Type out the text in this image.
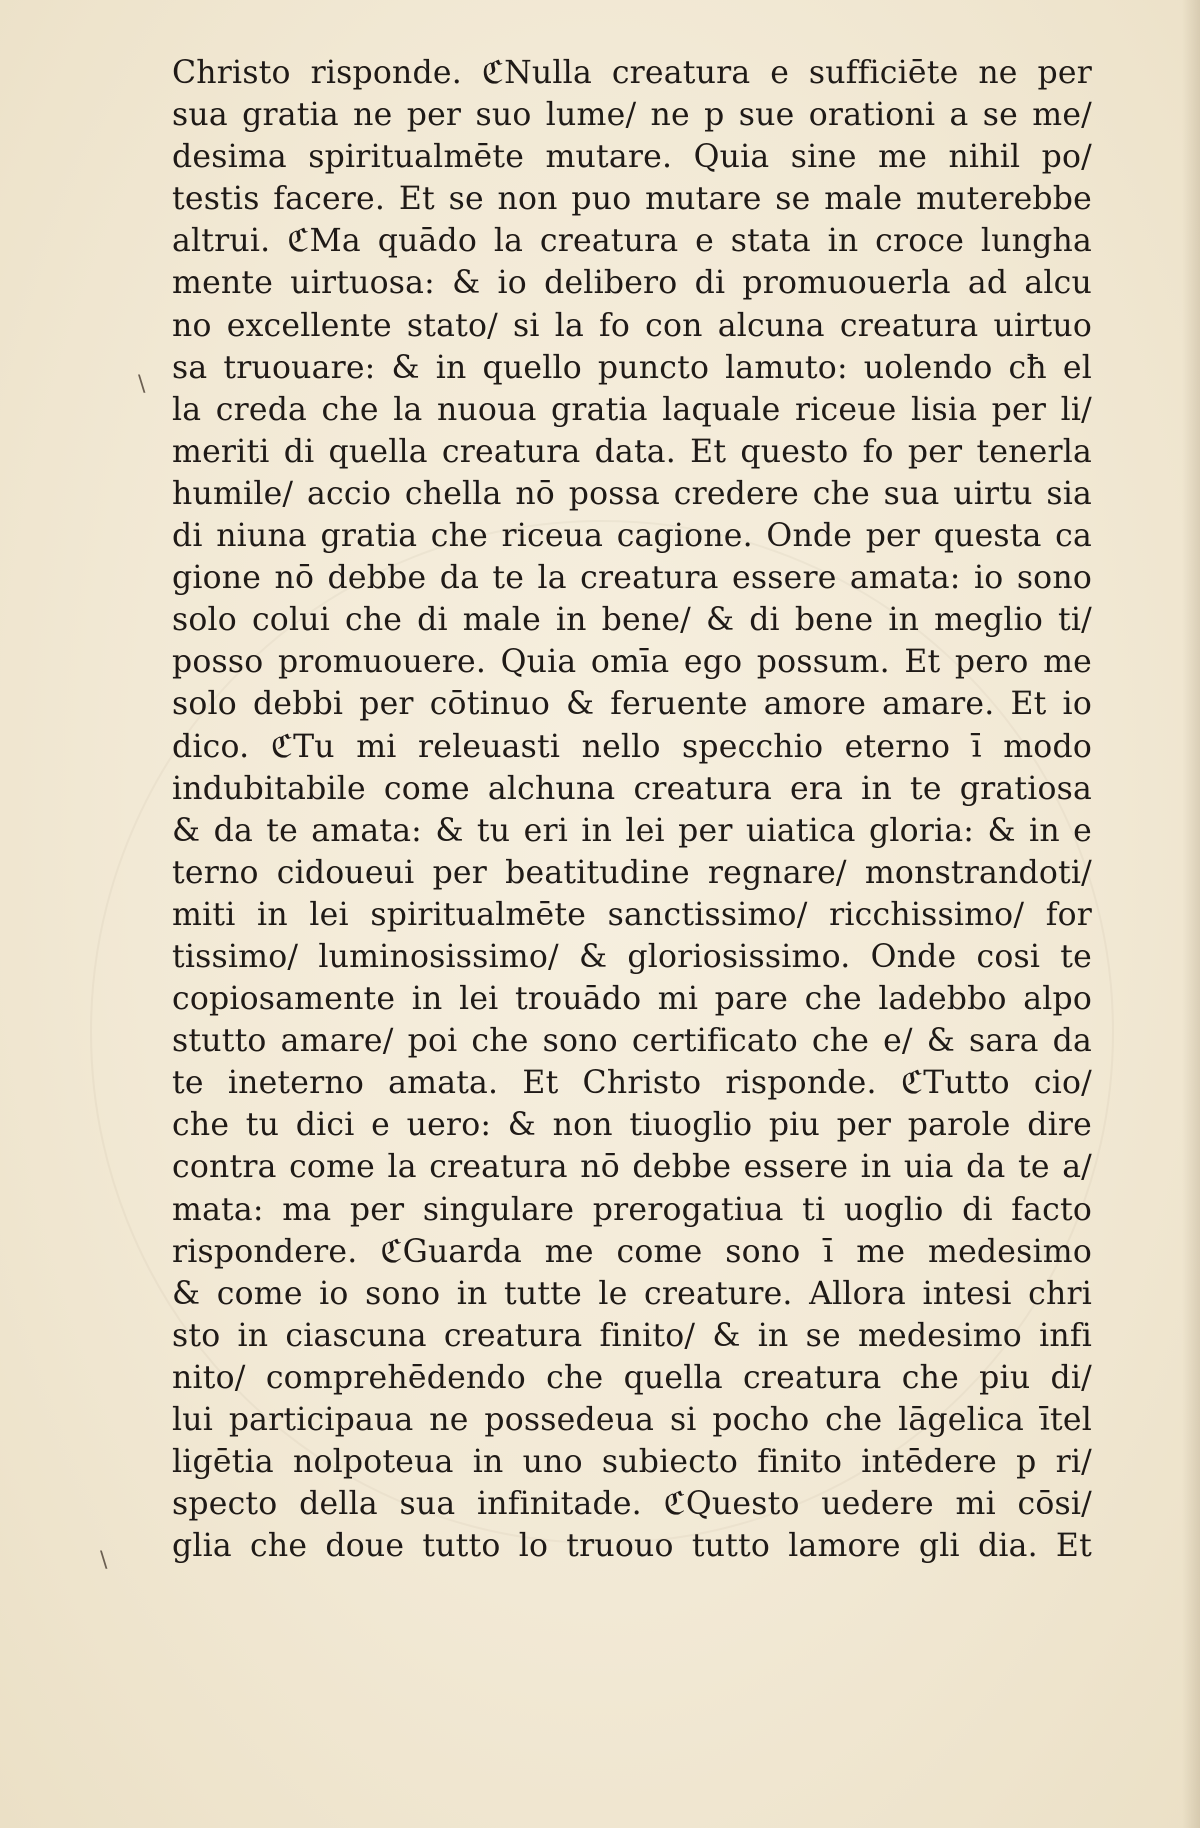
Christo risponde. ℭNulla creatura e sufficiēte ne per
sua gratia ne per suo lume/ ne p sue orationi a se me/
desima spiritualmēte mutare. Quia sine me nihil po/
testis facere. Et se non puo mutare se male muterebbe
altrui. ℭMa quādo la creatura e stata in croce lungha
mente uirtuosa: & io delibero di promuouerla ad alcu
no excellente stato/ si la fo con alcuna creatura uirtuo
sa truouare: & in quello puncto lamuto: uolendo cħ el
la creda che la nuoua gratia laquale riceue lisia per li/
meriti di quella creatura data. Et questo fo per tenerla
humile/ accio chella nō possa credere che sua uirtu sia
di niuna gratia che riceua cagione. Onde per questa ca
gione nō debbe da te la creatura essere amata: io sono
solo colui che di male in bene/ & di bene in meglio ti/
posso promuouere. Quia omīa ego possum. Et pero me
solo debbi per cōtinuo & feruente amore amare. Et io
dico. ℭTu mi releuasti nello specchio eterno ī modo
indubitabile come alchuna creatura era in te gratiosa
& da te amata: & tu eri in lei per uiatica gloria: & in e
terno cidoueui per beatitudine regnare/ monstrandoti/
miti in lei spiritualmēte sanctissimo/ ricchissimo/ for
tissimo/ luminosissimo/ & gloriosissimo. Onde cosi te
copiosamente in lei trouādo mi pare che ladebbo alpo
stutto amare/ poi che sono certificato che e/ & sara da
te ineterno amata. Et Christo risponde. ℭTutto cio/
che tu dici e uero: & non tiuoglio piu per parole dire
contra come la creatura nō debbe essere in uia da te a/
mata: ma per singulare prerogatiua ti uoglio di facto
rispondere. ℭGuarda me come sono ī me medesimo
& come io sono in tutte le creature. Allora intesi chri
sto in ciascuna creatura finito/ & in se medesimo infi
nito/ comprehēdendo che quella creatura che piu di/
lui participaua ne possedeua si pocho che lāgelica ītel
ligētia nolpoteua in uno subiecto finito intēdere p ri/
specto della sua infinitade. ℭQuesto uedere mi cōsi/
glia che doue tutto lo truouo tutto lamore gli dia. Et
\
\
